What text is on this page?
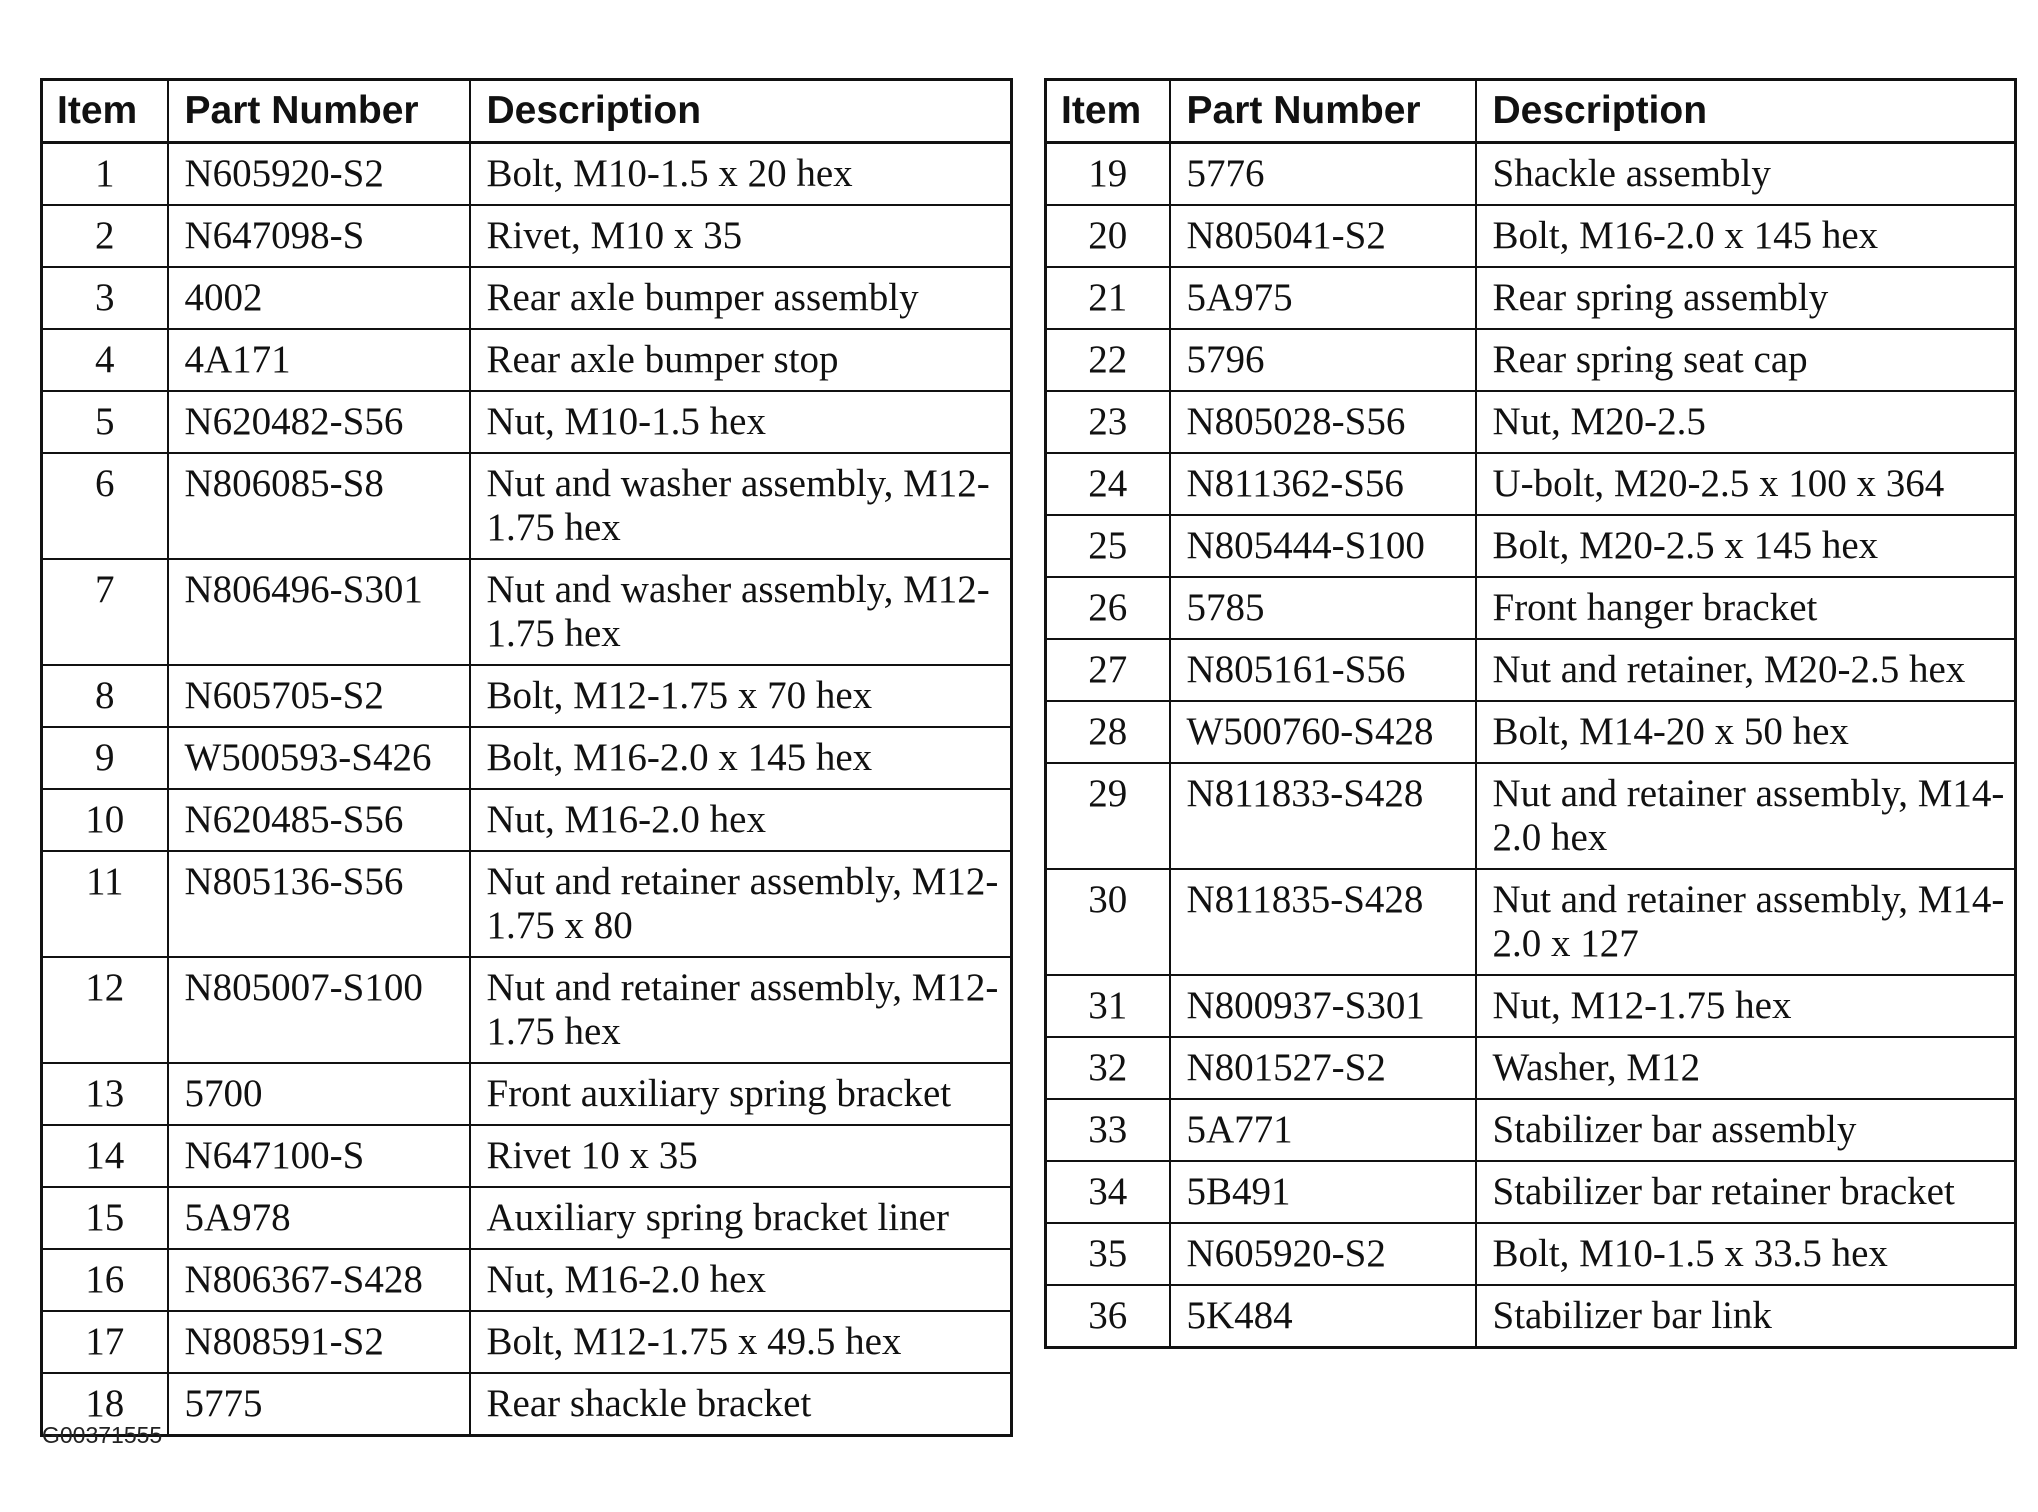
Item	Part Number	Description
1	N605920-S2	Bolt, M10-1.5 x 20 hex
2	N647098-S	Rivet, M10 x 35
3	4002	Rear axle bumper assembly
4	4A171	Rear axle bumper stop
5	N620482-S56	Nut, M10-1.5 hex
6	N806085-S8	Nut and washer assembly, M12-1.75 hex
7	N806496-S301	Nut and washer assembly, M12-1.75 hex
8	N605705-S2	Bolt, M12-1.75 x 70 hex
9	W500593-S426	Bolt, M16-2.0 x 145 hex
10	N620485-S56	Nut, M16-2.0 hex
11	N805136-S56	Nut and retainer assembly, M12-1.75 x 80
12	N805007-S100	Nut and retainer assembly, M12-1.75 hex
13	5700	Front auxiliary spring bracket
14	N647100-S	Rivet 10 x 35
15	5A978	Auxiliary spring bracket liner
16	N806367-S428	Nut, M16-2.0 hex
17	N808591-S2	Bolt, M12-1.75 x 49.5 hex
18	5775	Rear shackle bracket
Item	Part Number	Description
19	5776	Shackle assembly
20	N805041-S2	Bolt, M16-2.0 x 145 hex
21	5A975	Rear spring assembly
22	5796	Rear spring seat cap
23	N805028-S56	Nut, M20-2.5
24	N811362-S56	U-bolt, M20-2.5 x 100 x 364
25	N805444-S100	Bolt, M20-2.5 x 145 hex
26	5785	Front hanger bracket
27	N805161-S56	Nut and retainer, M20-2.5 hex
28	W500760-S428	Bolt, M14-20 x 50 hex
29	N811833-S428	Nut and retainer assembly, M14-2.0 hex
30	N811835-S428	Nut and retainer assembly, M14-2.0 x 127
31	N800937-S301	Nut, M12-1.75 hex
32	N801527-S2	Washer, M12
33	5A771	Stabilizer bar assembly
34	5B491	Stabilizer bar retainer bracket
35	N605920-S2	Bolt, M10-1.5 x 33.5 hex
36	5K484	Stabilizer bar link
G00371555
